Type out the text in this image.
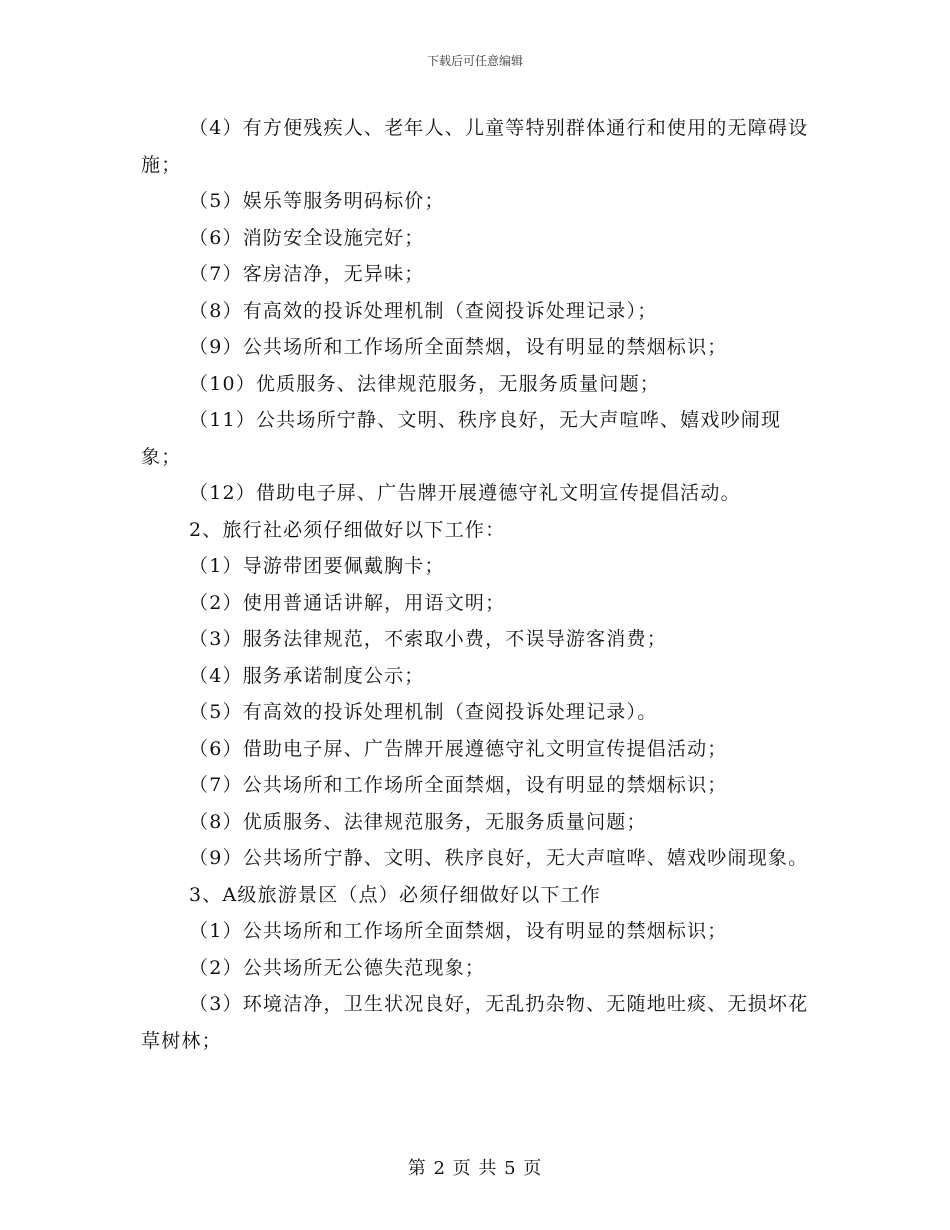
下载后可任意编辑

（4）有方便残疾人、老年人、儿童等特别群体通行和使用的无障碍设施；

（5）娱乐等服务明码标价；

（6）消防安全设施完好；

（7）客房洁净，无异味；

（8）有高效的投诉处理机制（查阅投诉处理记录）；

（9）公共场所和工作场所全面禁烟，设有明显的禁烟标识；

（10）优质服务、法律规范服务，无服务质量问题；

（11）公共场所宁静、文明、秩序良好，无大声喧哗、嬉戏吵闹现象；

（12）借助电子屏、广告牌开展遵德守礼文明宣传提倡活动。

2、旅行社必须仔细做好以下工作：

（1）导游带团要佩戴胸卡；

（2）使用普通话讲解，用语文明；

（3）服务法律规范，不索取小费，不误导游客消费；

（4）服务承诺制度公示；

（5）有高效的投诉处理机制（查阅投诉处理记录）。

（6）借助电子屏、广告牌开展遵德守礼文明宣传提倡活动；

（7）公共场所和工作场所全面禁烟，设有明显的禁烟标识；

（8）优质服务、法律规范服务，无服务质量问题；

（9）公共场所宁静、文明、秩序良好，无大声喧哗、嬉戏吵闹现象。

3、A级旅游景区（点）必须仔细做好以下工作

（1）公共场所和工作场所全面禁烟，设有明显的禁烟标识；

（2）公共场所无公德失范现象；

（3）环境洁净，卫生状况良好，无乱扔杂物、无随地吐痰、无损坏花草树林；

第 2 页 共 5 页
